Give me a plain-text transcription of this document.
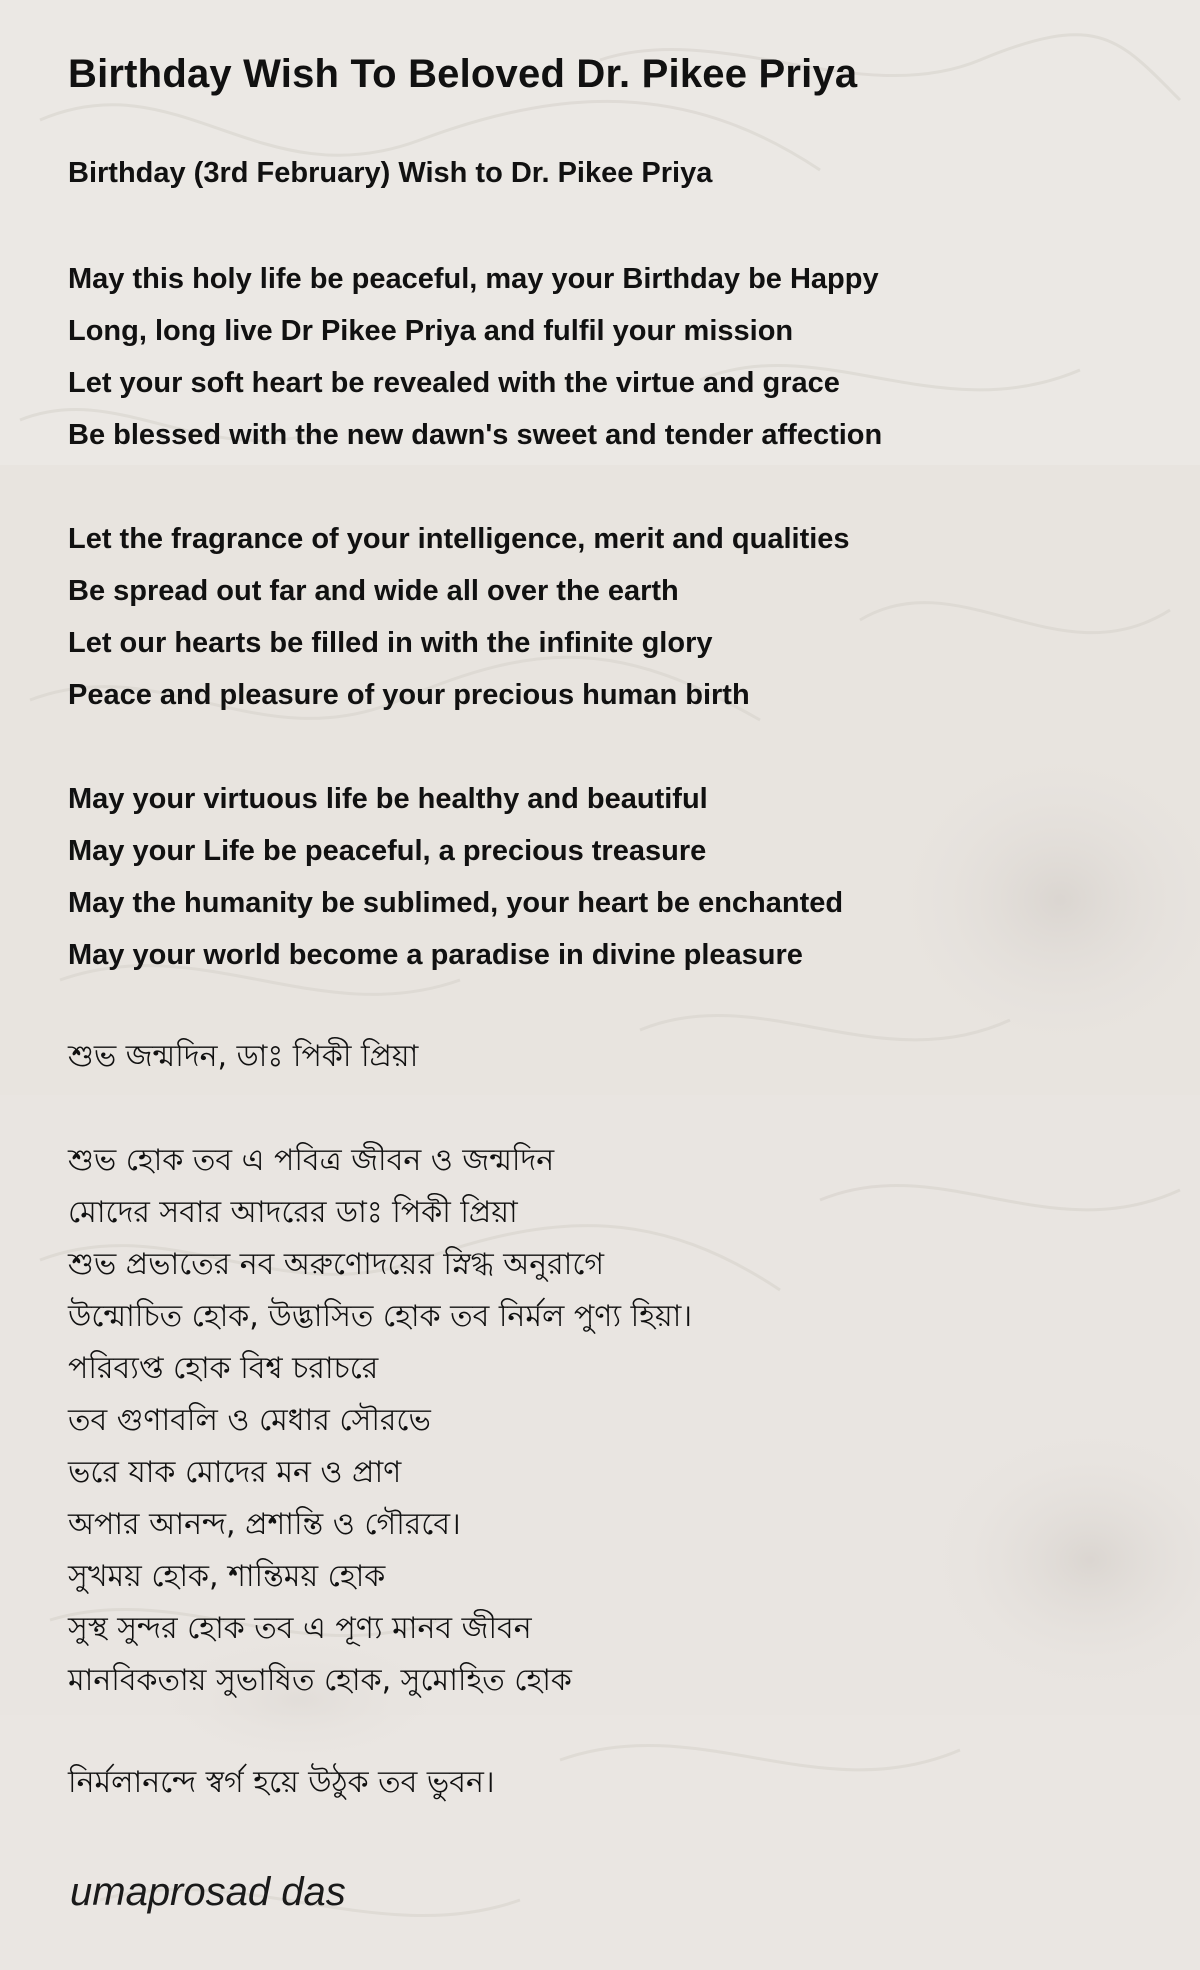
Birthday Wish To Beloved Dr. Pikee Priya
Birthday (3rd February) Wish to Dr. Pikee Priya
May this holy life be peaceful, may your Birthday be Happy
Long, long live Dr Pikee Priya and fulfil your mission
Let your soft heart be revealed with the virtue and grace
Be blessed with the new dawn's sweet and tender affection
Let the fragrance of your intelligence, merit and qualities
Be spread out far and wide all over the earth
Let our hearts be filled in with the infinite glory
Peace and pleasure of your precious human birth
May your virtuous life be healthy and beautiful
May your Life be peaceful, a precious treasure
May the humanity be sublimed, your heart be enchanted
May your world become a paradise in divine pleasure
শুভ জন্মদিন, ডাঃ পিকী প্রিয়া
শুভ হোক তব এ পবিত্র জীবন ও জন্মদিন
মোদের সবার আদরের ডাঃ পিকী প্রিয়া
শুভ প্রভাতের নব অরুণোদয়ের স্নিগ্ধ অনুরাগে
উন্মোচিত হোক, উদ্ভাসিত হোক তব নির্মল পুণ্য হিয়া।
পরিব্যপ্ত হোক বিশ্ব চরাচরে
তব গুণাবলি ও মেধার সৌরভে
ভরে যাক মোদের মন ও প্রাণ
অপার আনন্দ, প্রশান্তি ও গৌরবে।
সুখময় হোক, শান্তিময় হোক
সুস্থ সুন্দর হোক তব এ পূণ্য মানব জীবন
মানবিকতায় সুভাষিত হোক, সুমোহিত হোক
নির্মলানন্দে স্বর্গ হয়ে উঠুক তব ভুবন।
umaprosad das
